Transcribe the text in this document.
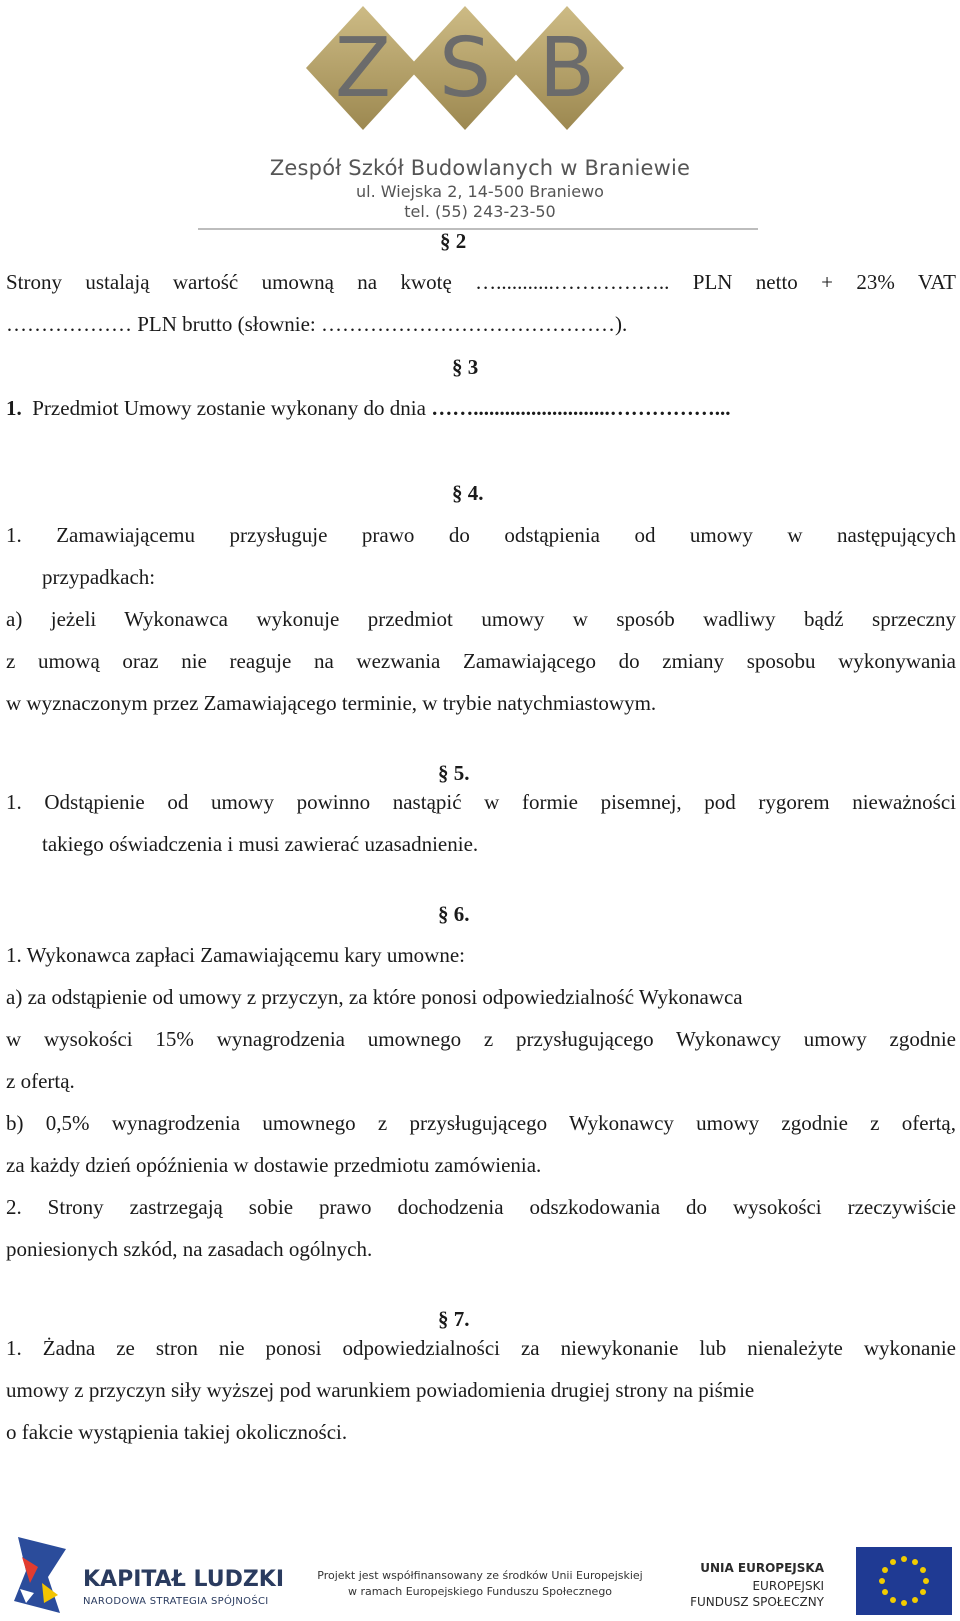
Z S B
Zespół Szkół Budowlanych w Braniewie
ul. Wiejska 2, 14-500 Braniewo
tel. (55) 243-23-50
§ 2
Strony ustalają wartość umowną na kwotę …...........…………….. PLN netto + 23% VAT
……………… PLN brutto (słownie: ……………………………………).
§ 3
1. Przedmiot Umowy zostanie wykonany do dnia ……..........................……………...
§ 4.
1. Zamawiającemu przysługuje prawo do odstąpienia od umowy w następujących
przypadkach:
a) jeżeli Wykonawca wykonuje przedmiot umowy w sposób wadliwy bądź sprzeczny
z umową oraz nie reaguje na wezwania Zamawiającego do zmiany sposobu wykonywania
w wyznaczonym przez Zamawiającego terminie, w trybie natychmiastowym.
§ 5.
1. Odstąpienie od umowy powinno nastąpić w formie pisemnej, pod rygorem nieważności
takiego oświadczenia i musi zawierać uzasadnienie.
§ 6.
1. Wykonawca zapłaci Zamawiającemu kary umowne:
a) za odstąpienie od umowy z przyczyn, za które ponosi odpowiedzialność Wykonawca
w wysokości 15% wynagrodzenia umownego z przysługującego Wykonawcy umowy zgodnie
z ofertą.
b) 0,5% wynagrodzenia umownego z przysługującego Wykonawcy umowy zgodnie z ofertą,
za każdy dzień opóźnienia w dostawie przedmiotu zamówienia.
2. Strony zastrzegają sobie prawo dochodzenia odszkodowania do wysokości rzeczywiście
poniesionych szkód, na zasadach ogólnych.
§ 7.
1. Żadna ze stron nie ponosi odpowiedzialności za niewykonanie lub nienależyte wykonanie
umowy z przyczyn siły wyższej pod warunkiem powiadomienia drugiej strony na piśmie
o fakcie wystąpienia takiej okoliczności.
KAPITAŁ LUDZKI
NARODOWA STRATEGIA SPÓJNOŚCI
Projekt jest współfinansowany ze środków Unii Europejskiej
w ramach Europejskiego Funduszu Społecznego
UNIA EUROPEJSKA
EUROPEJSKI
FUNDUSZ SPOŁECZNY
